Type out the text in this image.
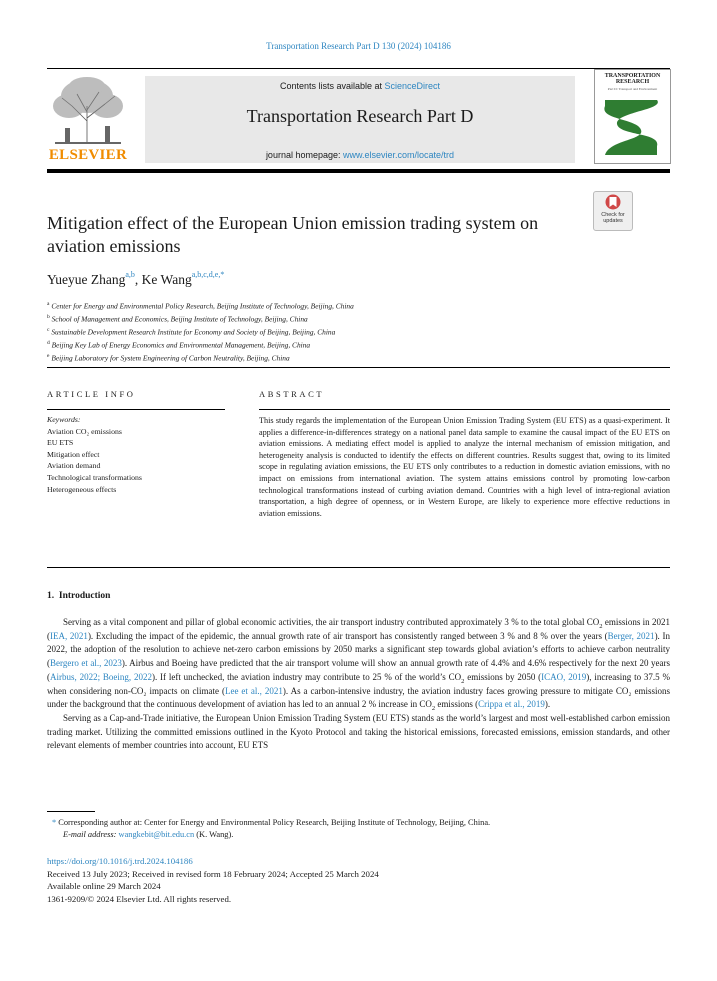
Transportation Research Part D 130 (2024) 104186
ELSEVIER
Contents lists available at ScienceDirect
Transportation Research Part D
journal homepage: www.elsevier.com/locate/trd
TRANSPORTATION RESEARCH
Part D: Transport and Environment
Check for updates
Mitigation effect of the European Union emission trading system on aviation emissions
Yueyue Zhang$^{a,b}$, Ke Wang$^{a,b,c,d,e,*}$
$^a$ Center for Energy and Environmental Policy Research, Beijing Institute of Technology, Beijing, China
$^b$ School of Management and Economics, Beijing Institute of Technology, Beijing, China
$^c$ Sustainable Development Research Institute for Economy and Society of Beijing, Beijing, China
$^d$ Beijing Key Lab of Energy Economics and Environmental Management, Beijing, China
$^e$ Beijing Laboratory for System Engineering of Carbon Neutrality, Beijing, China
ARTICLE INFO	ABSTRACT
Keywords:
Aviation CO₂ emissions
EU ETS
Mitigation effect
Aviation demand
Technological transformations
Heterogeneous effects
This study regards the implementation of the European Union Emission Trading System (EU ETS) as a quasi-experiment. It applies a difference-in-differences strategy on a national panel data sample to examine the causal impact of the EU ETS on aviation emissions. A mediating effect model is applied to analyze the internal mechanism of emission mitigation, and heterogeneity analysis is conducted to identify the effects on different countries. Results suggest that, owing to its limited scope in regulating aviation emissions, the EU ETS only contributes to a reduction in domestic aviation emissions, with no impact on emissions from international aviation. The system attains emissions control by promoting low-carbon technological transformations instead of curbing aviation demand. Countries with a high level of intra-regional aviation transportation, a high degree of openness, or in Western Europe, are likely to experience more effective reductions in aviation emissions.
1.  Introduction

Serving as a vital component and pillar of global economic activities, the air transport industry contributed approximately 3 % to the total global $CO_2$ emissions in 2021 (IEA, 2021). Excluding the impact of the epidemic, the annual growth rate of air transport has consistently ranged between 3 % and 8 % over the years (Berger, 2021). In 2022, the adoption of the resolution to achieve net-zero carbon emissions by 2050 marks a significant step towards global aviation’s efforts to achieve carbon neutrality (Bergero et al., 2023). Airbus and Boeing have predicted that the air transport volume will show an annual growth rate of 4.4% and 4.6% respectively for the next 20 years (Airbus, 2022; Boeing, 2022). If left unchecked, the aviation industry may contribute to 25 % of the world’s $CO_2$ emissions by 2050 (ICAO, 2019), increasing to 37.5 % when considering non-CO₂ impacts on climate (Lee et al., 2021). As a carbon-intensive industry, the aviation industry faces growing pressure to mitigate CO₂ emissions under the background that the continuous development of aviation has led to an annual 2 % increase in $CO_2$ emissions (Crippa et al., 2019).

Serving as a Cap-and-Trade initiative, the European Union Emission Trading System (EU ETS) stands as the world’s largest and most well-established carbon emission trading market. Utilizing the committed emissions outlined in the Kyoto Protocol and taking the historical emissions, forecasted emissions, emission standards, and other relevant elements of member countries into account, EU ETS

* Corresponding author at: Center for Energy and Environmental Policy Research, Beijing Institute of Technology, Beijing, China.
E-mail address: wangkebit@bit.edu.cn (K. Wang).
https://doi.org/10.1016/j.trd.2024.104186
Received 13 July 2023; Received in revised form 18 February 2024; Accepted 25 March 2024
Available online 29 March 2024
1361-9209/© 2024 Elsevier Ltd. All rights reserved.
